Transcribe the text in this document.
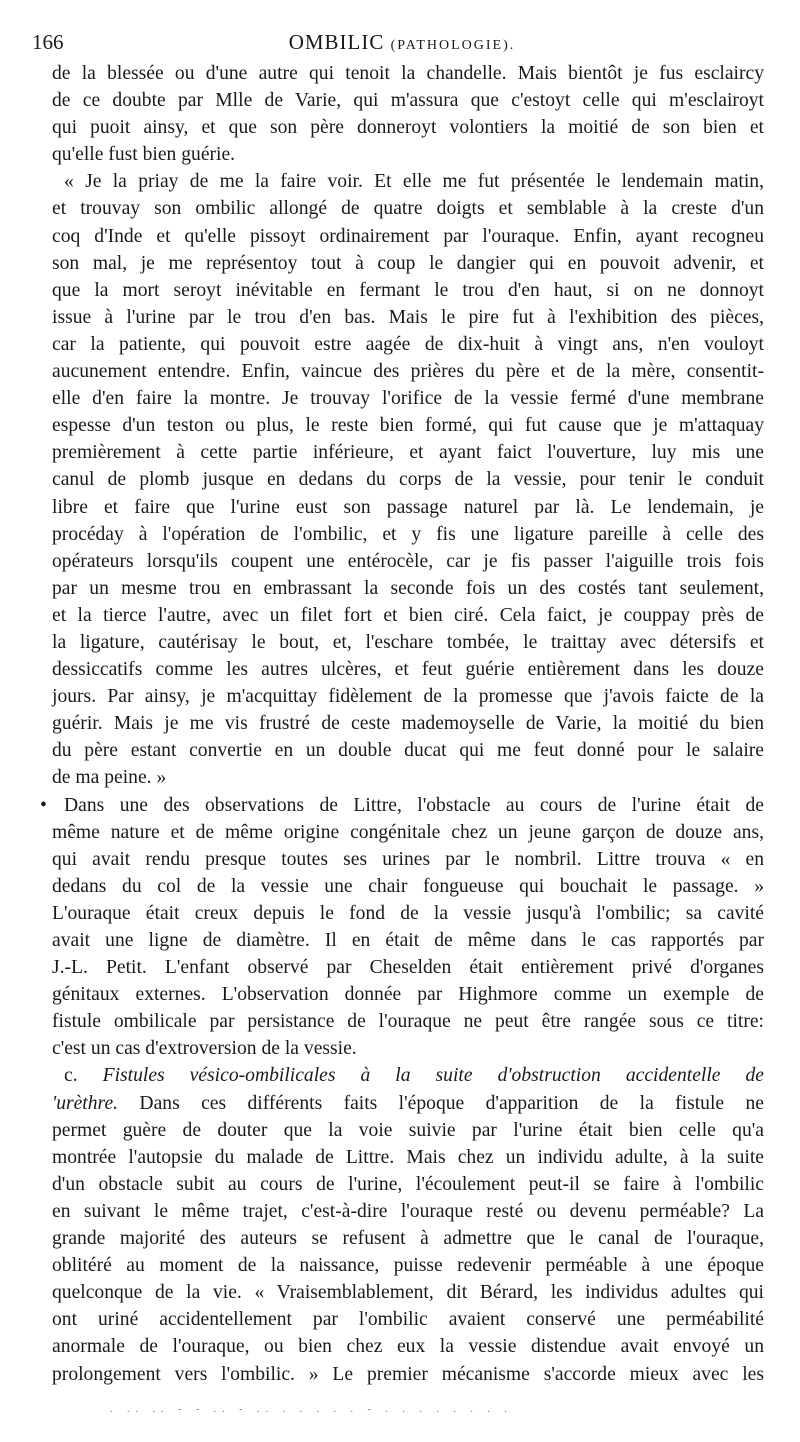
166	OMBILIC (PATHOLOGIE).
de la blessée ou d'une autre qui tenoit la chandelle. Mais bientôt je fus esclaircy
de ce doubte par Mlle de Varie, qui m'assura que c'estoyt celle qui m'esclairoyt
qui puoit ainsy, et que son père donneroyt volontiers la moitié de son bien et
qu'elle fust bien guérie.
« Je la priay de me la faire voir. Et elle me fut présentée le lendemain matin,
et trouvay son ombilic allongé de quatre doigts et semblable à la creste d'un
coq d'Inde et qu'elle pissoyt ordinairement par l'ouraque. Enfin, ayant recogneu
son mal, je me représentoy tout à coup le dangier qui en pouvoit advenir, et
que la mort seroyt inévitable en fermant le trou d'en haut, si on ne donnoyt
issue à l'urine par le trou d'en bas. Mais le pire fut à l'exhibition des pièces,
car la patiente, qui pouvoit estre aagée de dix-huit à vingt ans, n'en vouloyt
aucunement entendre. Enfin, vaincue des prières du père et de la mère, consentit-
elle d'en faire la montre. Je trouvay l'orifice de la vessie fermé d'une membrane
espesse d'un teston ou plus, le reste bien formé, qui fut cause que je m'attaquay
premièrement à cette partie inférieure, et ayant faict l'ouverture, luy mis une
canul de plomb jusque en dedans du corps de la vessie, pour tenir le conduit
libre et faire que l'urine eust son passage naturel par là. Le lendemain, je
procéday à l'opération de l'ombilic, et y fis une ligature pareille à celle des
opérateurs lorsqu'ils coupent une entérocèle, car je fis passer l'aiguille trois fois
par un mesme trou en embrassant la seconde fois un des costés tant seulement,
et la tierce l'autre, avec un filet fort et bien ciré. Cela faict, je couppay près de
la ligature, cautérisay le bout, et, l'eschare tombée, le traittay avec détersifs et
dessiccatifs comme les autres ulcères, et feut guérie entièrement dans les douze
jours. Par ainsy, je m'acquittay fidèlement de la promesse que j'avois faicte de la
guérir. Mais je me vis frustré de ceste mademoyselle de Varie, la moitié du bien
du père estant convertie en un double ducat qui me feut donné pour le salaire
de ma peine. »
• Dans une des observations de Littre, l'obstacle au cours de l'urine était de
même nature et de même origine congénitale chez un jeune garçon de douze ans,
qui avait rendu presque toutes ses urines par le nombril. Littre trouva « en
dedans du col de la vessie une chair fongueuse qui bouchait le passage. »
L'ouraque était creux depuis le fond de la vessie jusqu'à l'ombilic; sa cavité
avait une ligne de diamètre. Il en était de même dans le cas rapportés par
J.-L. Petit. L'enfant observé par Cheselden était entièrement privé d'organes
génitaux externes. L'observation donnée par Highmore comme un exemple de
fistule ombilicale par persistance de l'ouraque ne peut être rangée sous ce titre:
c'est un cas d'extroversion de la vessie.
c. Fistules vésico-ombilicales à la suite d'obstruction accidentelle de
'urèthre. Dans ces différents faits l'époque d'apparition de la fistule ne
permet guère de douter que la voie suivie par l'urine était bien celle qu'a
montrée l'autopsie du malade de Littre. Mais chez un individu adulte, à la suite
d'un obstacle subit au cours de l'urine, l'écoulement peut-il se faire à l'ombilic
en suivant le même trajet, c'est-à-dire l'ouraque resté ou devenu perméable? La
grande majorité des auteurs se refusent à admettre que le canal de l'ouraque,
oblitéré au moment de la naissance, puisse redevenir perméable à une époque
quelconque de la vie. « Vraisemblablement, dit Bérard, les individus adultes qui
ont uriné accidentellement par l'ombilic avaient conservé une perméabilité
anormale de l'ouraque, ou bien chez eux la vessie distendue avait envoyé un
prolongement vers l'ombilic. » Le premier mécanisme s'accorde mieux avec les
. .. .. - - .. - .. . . . . . - . . . . . . . .
